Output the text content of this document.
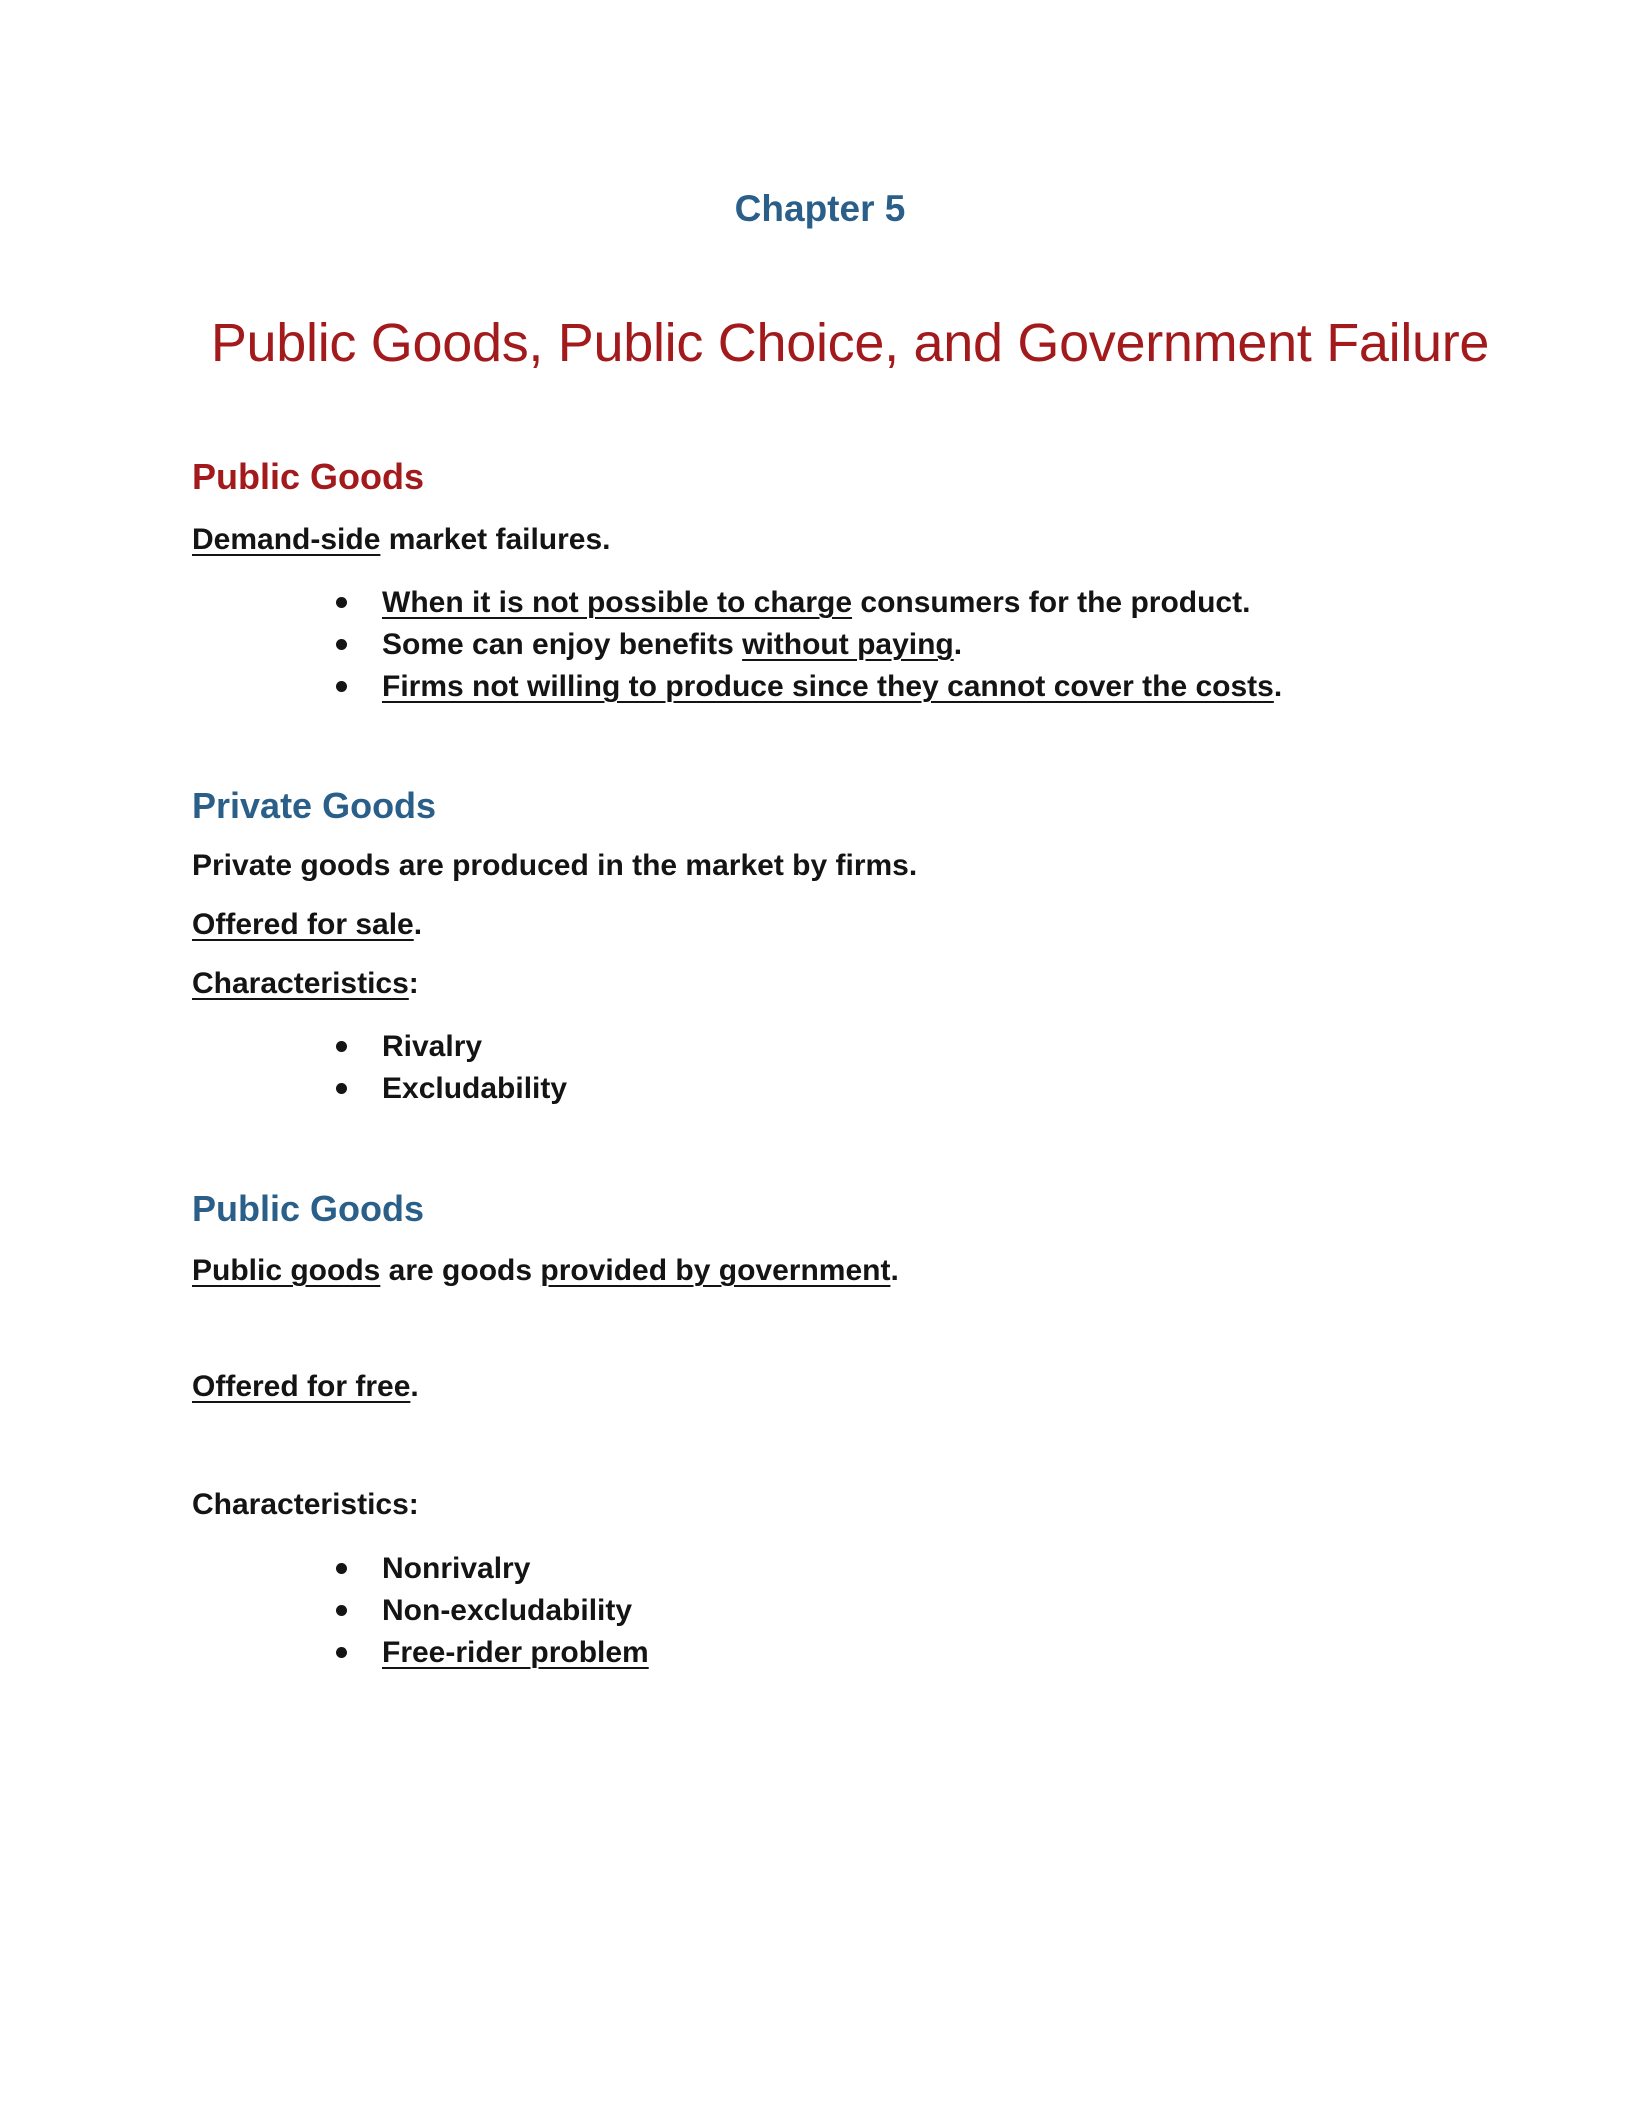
Chapter 5
Public Goods, Public Choice, and Government Failure
Public Goods

Demand-side market failures.

When it is not possible to charge consumers for the product.
Some can enjoy benefits without paying.
Firms not willing to produce since they cannot cover the costs.
Private Goods

Private goods are produced in the market by firms.

Offered for sale.

Characteristics:

Rivalry
Excludability
Public Goods

Public goods are goods provided by government.

Offered for free.

Characteristics:

Nonrivalry
Non-excludability
Free-rider problem
